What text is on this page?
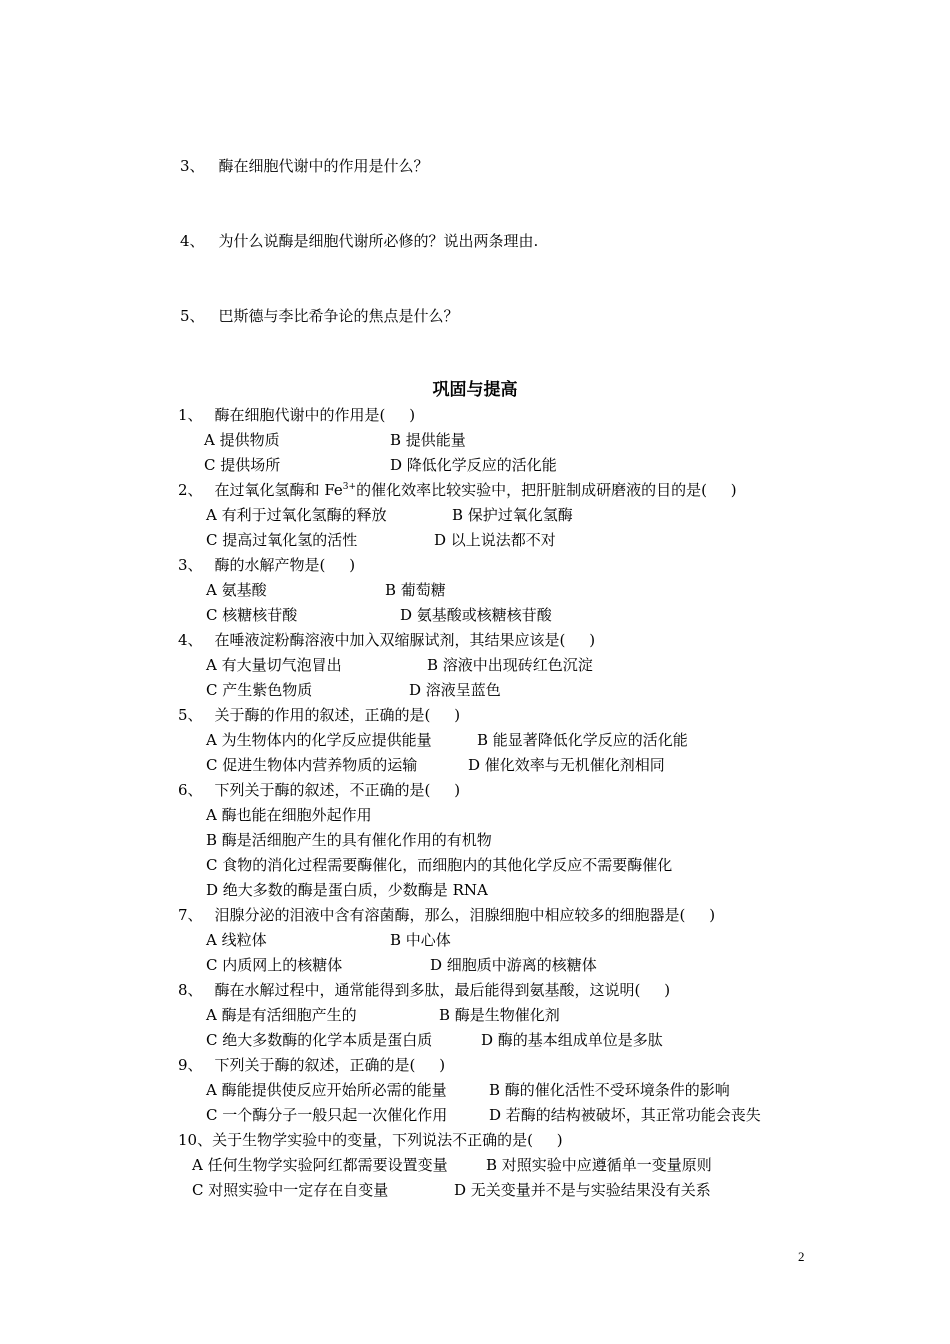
3、 酶在细胞代谢中的作用是什么？
4、 为什么说酶是细胞代谢所必修的？说出两条理由.
5、 巴斯德与李比希争论的焦点是什么？
巩固与提高
1、 酶在细胞代谢中的作用是(     )
A 提供物质	B 提供能量
C 提供场所	D 降低化学反应的活化能
2、 在过氧化氢酶和 $Fe^{3+}$的催化效率比较实验中，把肝脏制成研磨液的目的是(     )
A 有利于过氧化氢酶的释放	B 保护过氧化氢酶
C 提高过氧化氢的活性	D 以上说法都不对
3、 酶的水解产物是(     )
A 氨基酸	B 葡萄糖
C 核糖核苷酸	D 氨基酸或核糖核苷酸
4、 在唾液淀粉酶溶液中加入双缩脲试剂，其结果应该是(     )
A 有大量切气泡冒出	B 溶液中出现砖红色沉淀
C 产生紫色物质	D 溶液呈蓝色
5、 关于酶的作用的叙述，正确的是(     )
A 为生物体内的化学反应提供能量	B 能显著降低化学反应的活化能
C 促进生物体内营养物质的运输	D 催化效率与无机催化剂相同
6、 下列关于酶的叙述，不正确的是(     )
A 酶也能在细胞外起作用
B 酶是活细胞产生的具有催化作用的有机物
C 食物的消化过程需要酶催化，而细胞内的其他化学反应不需要酶催化
D 绝大多数的酶是蛋白质，少数酶是 RNA
7、 泪腺分泌的泪液中含有溶菌酶，那么，泪腺细胞中相应较多的细胞器是(     )
A 线粒体	B 中心体
C 内质网上的核糖体	D 细胞质中游离的核糖体
8、 酶在水解过程中，通常能得到多肽，最后能得到氨基酸，这说明(     )
A 酶是有活细胞产生的	B 酶是生物催化剂
C 绝大多数酶的化学本质是蛋白质	D 酶的基本组成单位是多肽
9、 下列关于酶的叙述，正确的是(     )
A 酶能提供使反应开始所必需的能量	B 酶的催化活性不受环境条件的影响
C 一个酶分子一般只起一次催化作用	D 若酶的结构被破坏，其正常功能会丧失
10、关于生物学实验中的变量，下列说法不正确的是(     )
A 任何生物学实验阿红都需要设置变量	B 对照实验中应遵循单一变量原则
C 对照实验中一定存在自变量	D 无关变量并不是与实验结果没有关系
2
